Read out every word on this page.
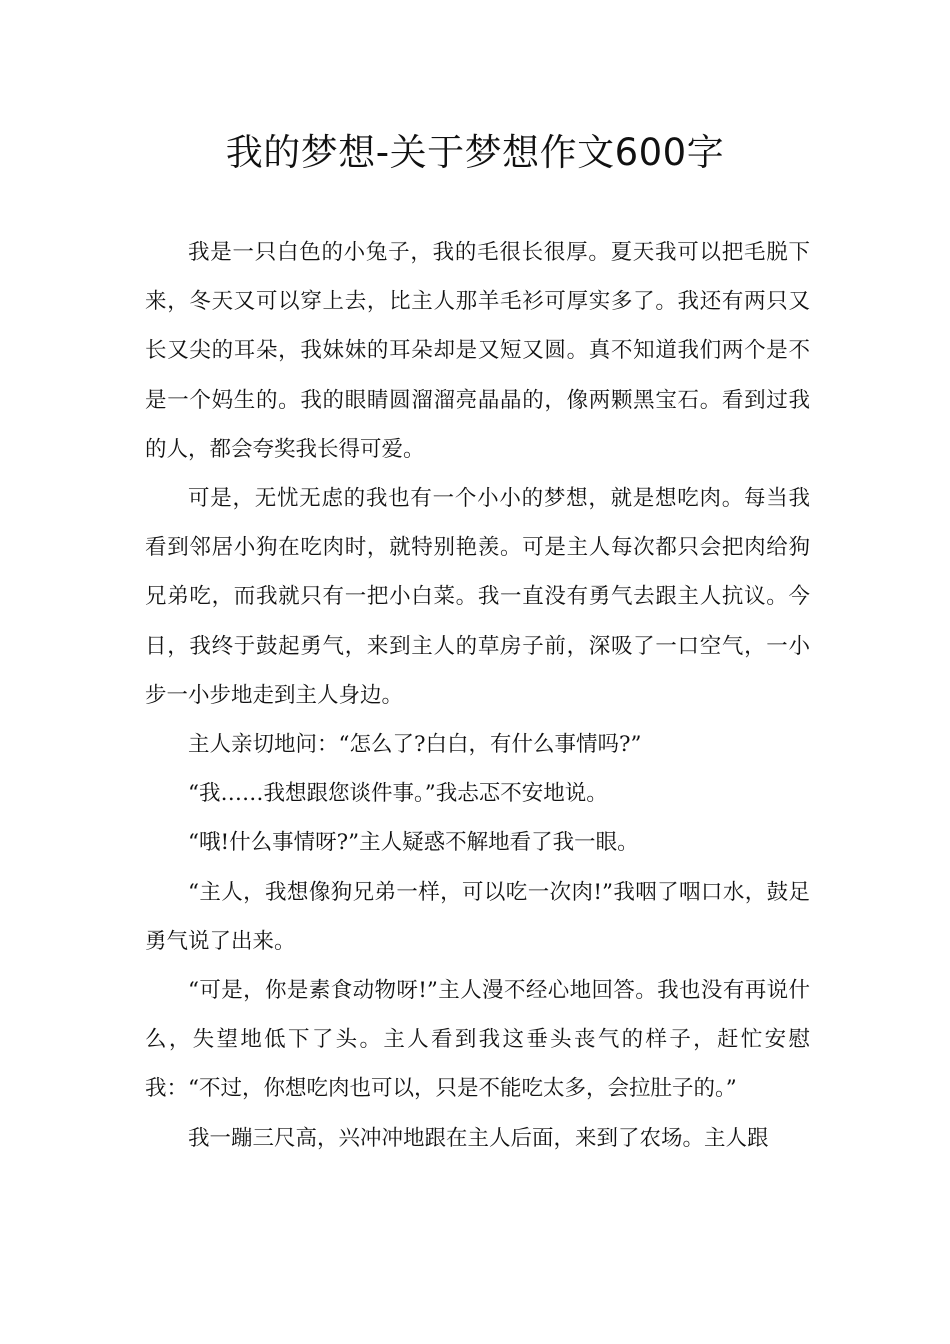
我的梦想-关于梦想作文600字

我是一只白色的小兔子，我的毛很长很厚。夏天我可以把毛脱下来，冬天又可以穿上去，比主人那羊毛衫可厚实多了。我还有两只又长又尖的耳朵，我妹妹的耳朵却是又短又圆。真不知道我们两个是不是一个妈生的。我的眼睛圆溜溜亮晶晶的，像两颗黑宝石。看到过我的人，都会夸奖我长得可爱。

可是，无忧无虑的我也有一个小小的梦想，就是想吃肉。每当我看到邻居小狗在吃肉时，就特别艳羡。可是主人每次都只会把肉给狗兄弟吃，而我就只有一把小白菜。我一直没有勇气去跟主人抗议。今日，我终于鼓起勇气，来到主人的草房子前，深吸了一口空气，一小步一小步地走到主人身边。

主人亲切地问：“怎么了?白白，有什么事情吗?”

“我……我想跟您谈件事。”我忐忑不安地说。

“哦!什么事情呀?”主人疑惑不解地看了我一眼。

“主人，我想像狗兄弟一样，可以吃一次肉!”我咽了咽口水，鼓足勇气说了出来。

“可是，你是素食动物呀!”主人漫不经心地回答。我也没有再说什么，失望地低下了头。主人看到我这垂头丧气的样子，赶忙安慰我：“不过，你想吃肉也可以，只是不能吃太多，会拉肚子的。”

我一蹦三尺高，兴冲冲地跟在主人后面，来到了农场。主人跟
